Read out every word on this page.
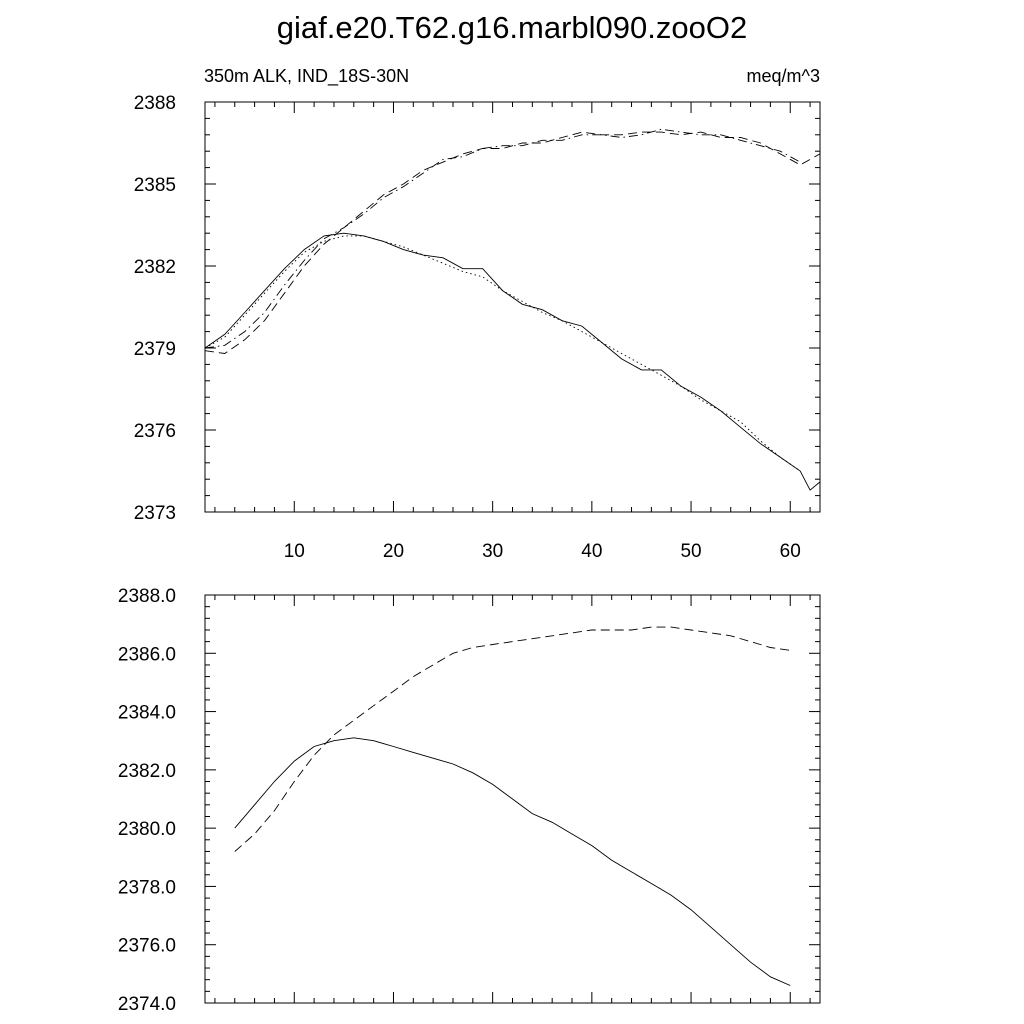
giaf.e20.T62.g16.marbl090.zooO2
350m ALK, IND_18S-30N	meq/m^3
10	20	30	40	50	60
2373
2376
2379
2382
2385
2388
2374.0
2376.0
2378.0
2380.0
2382.0
2384.0
2386.0
2388.0
